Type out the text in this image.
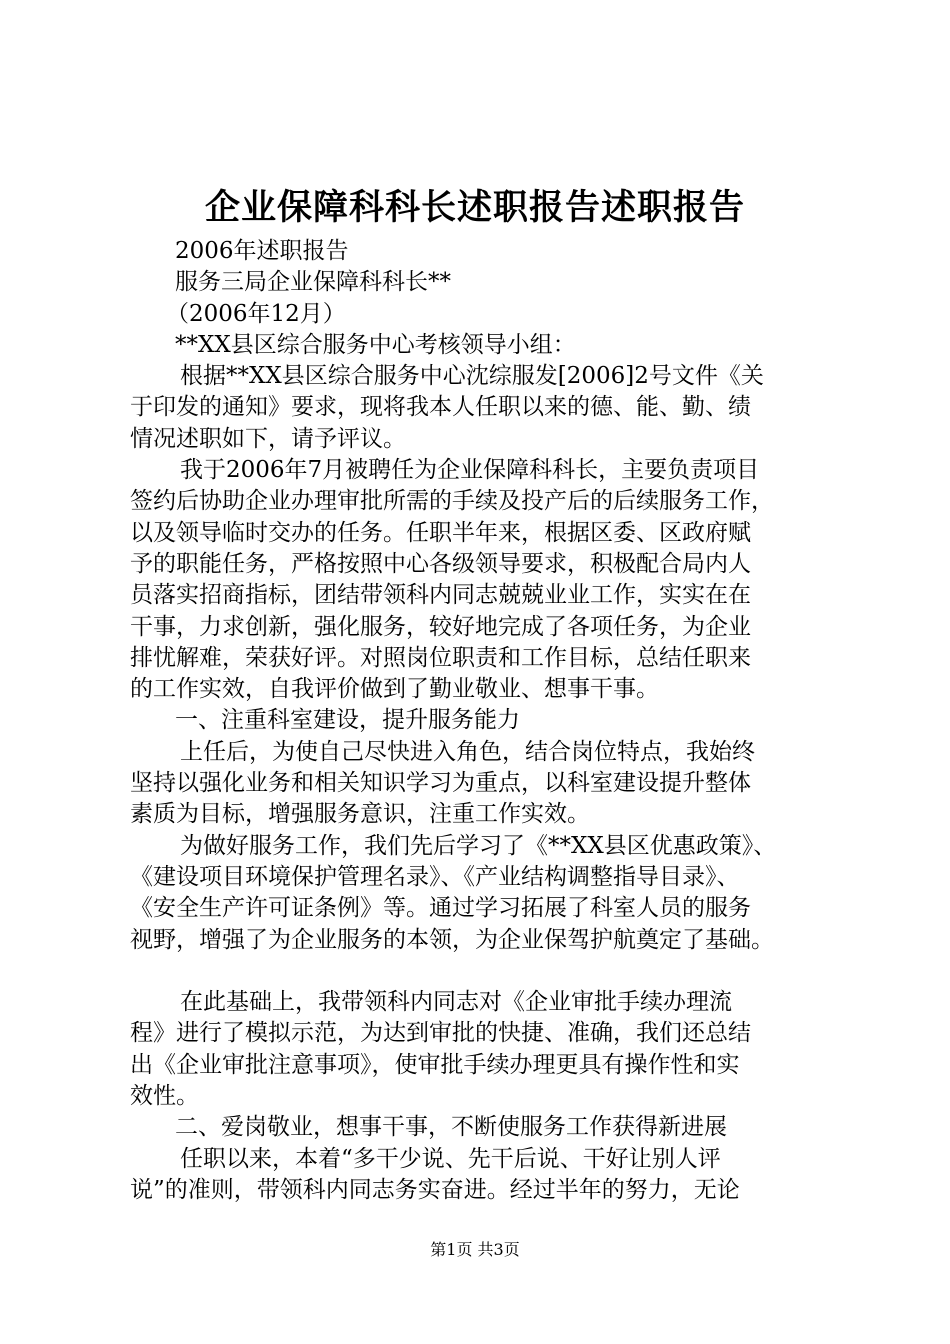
企业保障科科长述职报告述职报告
2006年述职报告
服务三局企业保障科科长**
（2006年12月）
**XX县区综合服务中心考核领导小组：
根据**XX县区综合服务中心沈综服发[2006]2号文件《关
于印发的通知》要求，现将我本人任职以来的德、能、勤、绩
情况述职如下，请予评议。
我于2006年7月被聘任为企业保障科科长，主要负责项目
签约后协助企业办理审批所需的手续及投产后的后续服务工作，
以及领导临时交办的任务。任职半年来，根据区委、区政府赋
予的职能任务，严格按照中心各级领导要求，积极配合局内人
员落实招商指标，团结带领科内同志兢兢业业工作，实实在在
干事，力求创新，强化服务，较好地完成了各项任务，为企业
排忧解难，荣获好评。对照岗位职责和工作目标，总结任职来
的工作实效，自我评价做到了勤业敬业、想事干事。
一、注重科室建设，提升服务能力
上任后，为使自己尽快进入角色，结合岗位特点，我始终
坚持以强化业务和相关知识学习为重点，以科室建设提升整体
素质为目标，增强服务意识，注重工作实效。
为做好服务工作，我们先后学习了《**XX县区优惠政策》、
《建设项目环境保护管理名录》、《产业结构调整指导目录》、
《安全生产许可证条例》等。通过学习拓展了科室人员的服务
视野，增强了为企业服务的本领，为企业保驾护航奠定了基础。
在此基础上，我带领科内同志对《企业审批手续办理流
程》进行了模拟示范，为达到审批的快捷、准确，我们还总结
出《企业审批注意事项》，使审批手续办理更具有操作性和实
效性。
二、爱岗敬业，想事干事，不断使服务工作获得新进展
任职以来，本着“多干少说、先干后说、干好让别人评
说”的准则，带领科内同志务实奋进。经过半年的努力，无论
第1页 共3页
